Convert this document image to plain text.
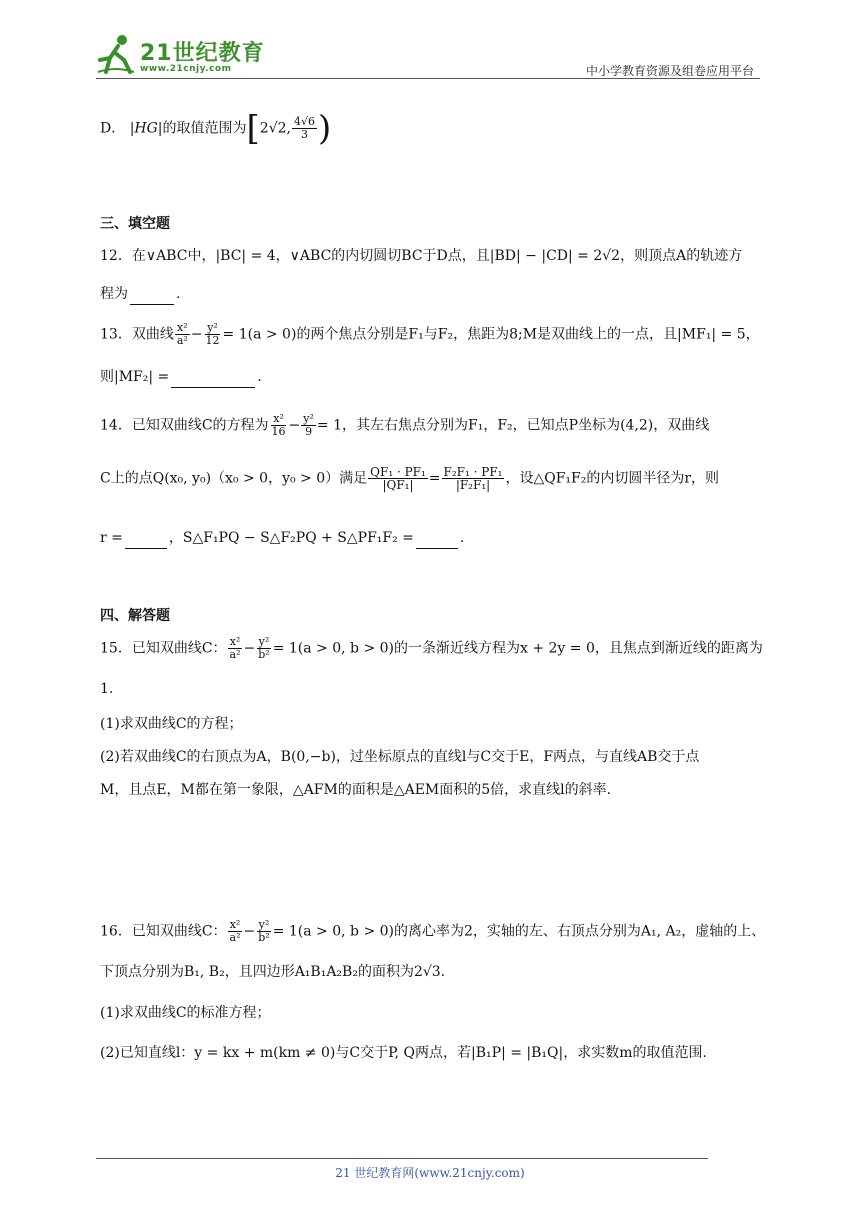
21世纪教育
www.21cnjy.com	中小学教育资源及组卷应用平台
D． |HG|的取值范围为[2√2, $\frac{4√6}{3}$ )
三、填空题
12．在∨ABC中，|BC| = 4，∨ABC的内切圆切BC于D点，且|BD| − |CD| = 2√2，则顶点A的轨迹方
程为	.
13．双曲线 $\frac{\text{x²}}{\text{a²}} - \frac{\text{y²}}{12} = 1(a > 0)$的两个焦点分别是F₁与F₂，焦距为8;M是双曲线上的一点，且|MF₁| = 5，
则|MF₂| =	.
14．已知双曲线C的方程为 $\frac{\text{x²}}{16} - \frac{\text{y²}}{9} = 1$，其左右焦点分别为F₁，F₂，已知点P坐标为(4,2)，双曲线
C上的点Q(x₀, y₀)（x₀ > 0，y₀ > 0）满足 $\frac{\text{QF₁ · PF₁}}{\text{|QF₁|}} = \frac{\text{F₂F₁ · PF₁}}{\text{|F₂F₁|}}$ ，设△QF₁F₂的内切圆半径为r，则
r =	，S△F₁PQ − S△F₂PQ + S△PF₁F₂ =	.
四、解答题
15．已知双曲线C： $\frac{\text{x²}}{\text{a²}} - \frac{\text{y²}}{\text{b²}} = 1(a > 0$, b > 0)的一条渐近线方程为x + 2y = 0，且焦点到渐近线的距离为
1.
(1)求双曲线C的方程；
(2)若双曲线C的右顶点为A，B(0,−b)，过坐标原点的直线l与C交于E，F两点，与直线AB交于点
M，且点E，M都在第一象限，△AFM的面积是△AEM面积的5倍，求直线l的斜率.
16．已知双曲线C： $\frac{\text{x²}}{\text{a²}} - \frac{\text{y²}}{\text{b²}} = 1(a > 0$, b > 0)的离心率为2，实轴的左、右顶点分别为A₁, A₂，虚轴的上、
下顶点分别为B₁, B₂，且四边形A₁B₁A₂B₂的面积为2√3.
(1)求双曲线C的标准方程；
(2)已知直线l：y = kx + m(km ≠ 0)与C交于P, Q两点，若|B₁P| = |B₁Q|，求实数m的取值范围.
21 世纪教育网(www.21cnjy.com)
